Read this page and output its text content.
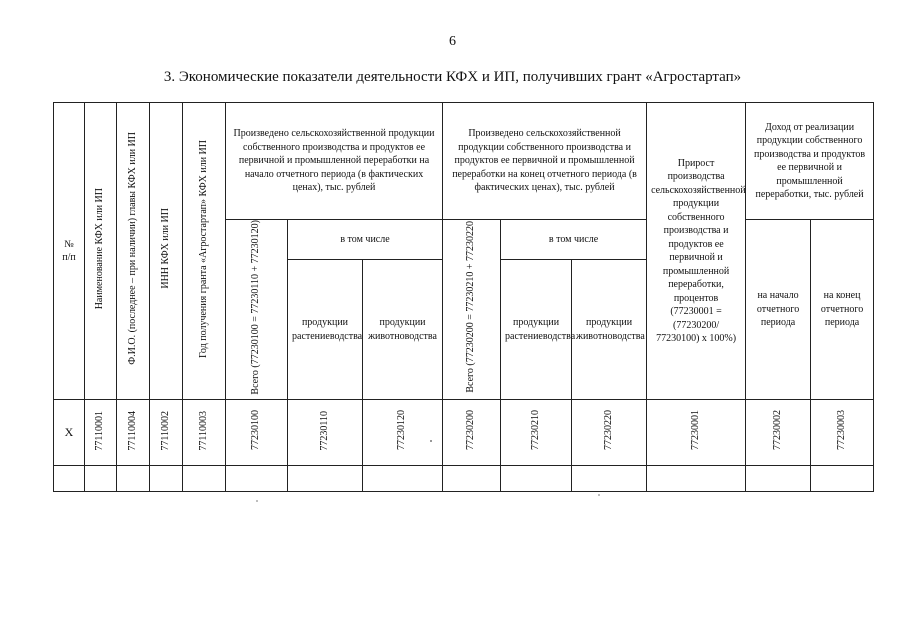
6
3. Экономические показатели деятельности КФХ и ИП, получивших грант «Агростартап»
№ п/п	Наименование КФХ или ИП	Ф.И.О. (последнее – при наличии) главы КФХ или ИП	ИНН КФХ или ИП	Год получения гранта «Агростартап» КФХ или ИП	Произведено сельскохозяйственной продукции собственного производства и продуктов ее первичной и промышленной переработки на начало отчетного периода (в фактических ценах), тыс. рублей			Произведено сельскохозяйственной продукции собственного производства и продуктов ее первичной и промышленной переработки на конец отчетного периода (в фактических ценах), тыс. рублей			Прирост производства сельскохозяйственной продукции собственного производства и продуктов ее первичной и промышленной переработки, процентов (77230001 = (77230200/ 77230100) х 100%)	Доход от реализации продукции собственного производства и продуктов ее первичной и промышленной переработки, тыс. рублей	

					Всего (77230100 = 77230110 + 77230120)	в том числе		Всего (77230200 = 77230210 + 77230220	в том числе			на начало отчетного периода	на конец отчетного периода

						продукции растениеводства	продукции животноводства		продукции растениеводства	продукции животноводства			

X	77110001	77110004	77110002	77110003	77230100	77230110	77230120	77230200	77230210	77230220	77230001	77230002	77230003
